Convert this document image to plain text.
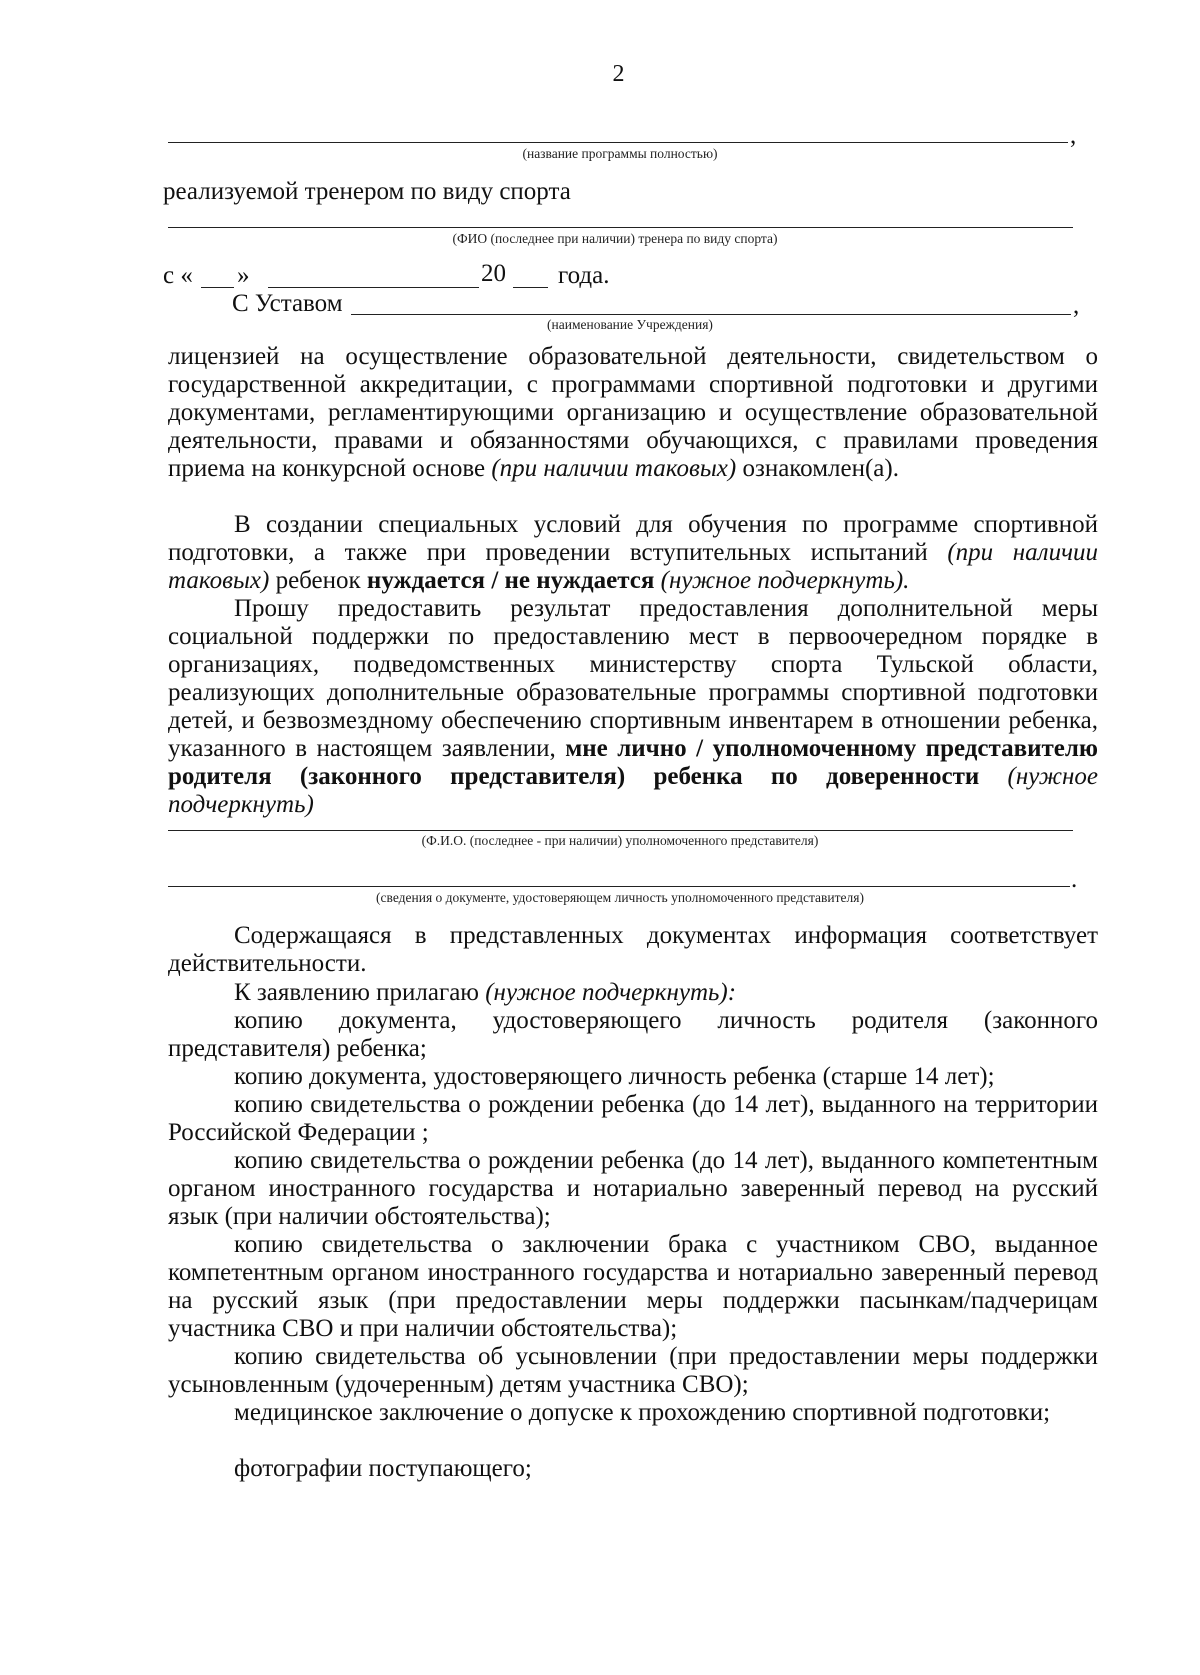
2
,
(название программы полностью)
реализуемой тренером по виду спорта
(ФИО (последнее при наличии) тренера по виду спорта)
с « »	20 года.
С Уставом	,
(наименование Учреждения)
лицензией на осуществление образовательной деятельности, свидетельством о государственной аккредитации, с программами спортивной подготовки и другими документами, регламентирующими организацию и осуществление образовательной деятельности, правами и обязанностями обучающихся, с правилами проведения приема на конкурсной основе (при наличии таковых) ознакомлен(а).
В создании специальных условий для обучения по программе спортивной подготовки, а также при проведении вступительных испытаний (при наличии таковых) ребенок нуждается / не нуждается (нужное подчеркнуть).
Прошу предоставить результат предоставления дополнительной меры социальной поддержки по предоставлению мест в первоочередном порядке в организациях, подведомственных министерству спорта Тульской области, реализующих дополнительные образовательные программы спортивной подготовки детей, и безвозмездному обеспечению спортивным инвентарем в отношении ребенка, указанного в настоящем заявлении, мне лично / уполномоченному представителю родителя (законного представителя) ребенка по доверенности (нужное подчеркнуть)
(Ф.И.О. (последнее - при наличии) уполномоченного представителя)
.
(сведения о документе, удостоверяющем личность уполномоченного представителя)
Содержащаяся в представленных документах информация соответствует действительности.
К заявлению прилагаю (нужное подчеркнуть):
копию документа, удостоверяющего личность родителя (законного представителя) ребенка;
копию документа, удостоверяющего личность ребенка (старше 14 лет);
копию свидетельства о рождении ребенка (до 14 лет), выданного на территории Российской Федерации ;
копию свидетельства о рождении ребенка (до 14 лет), выданного компетентным органом иностранного государства и нотариально заверенный перевод на русский язык (при наличии обстоятельства);
копию свидетельства о заключении брака с участником СВО, выданное компетентным органом иностранного государства и нотариально заверенный перевод на русский язык (при предоставлении меры поддержки пасынкам/падчерицам участника СВО и при наличии обстоятельства);
копию свидетельства об усыновлении (при предоставлении меры поддержки усыновленным (удочеренным) детям участника СВО);
медицинское заключение о допуске к прохождению спортивной подготовки;
фотографии поступающего;
